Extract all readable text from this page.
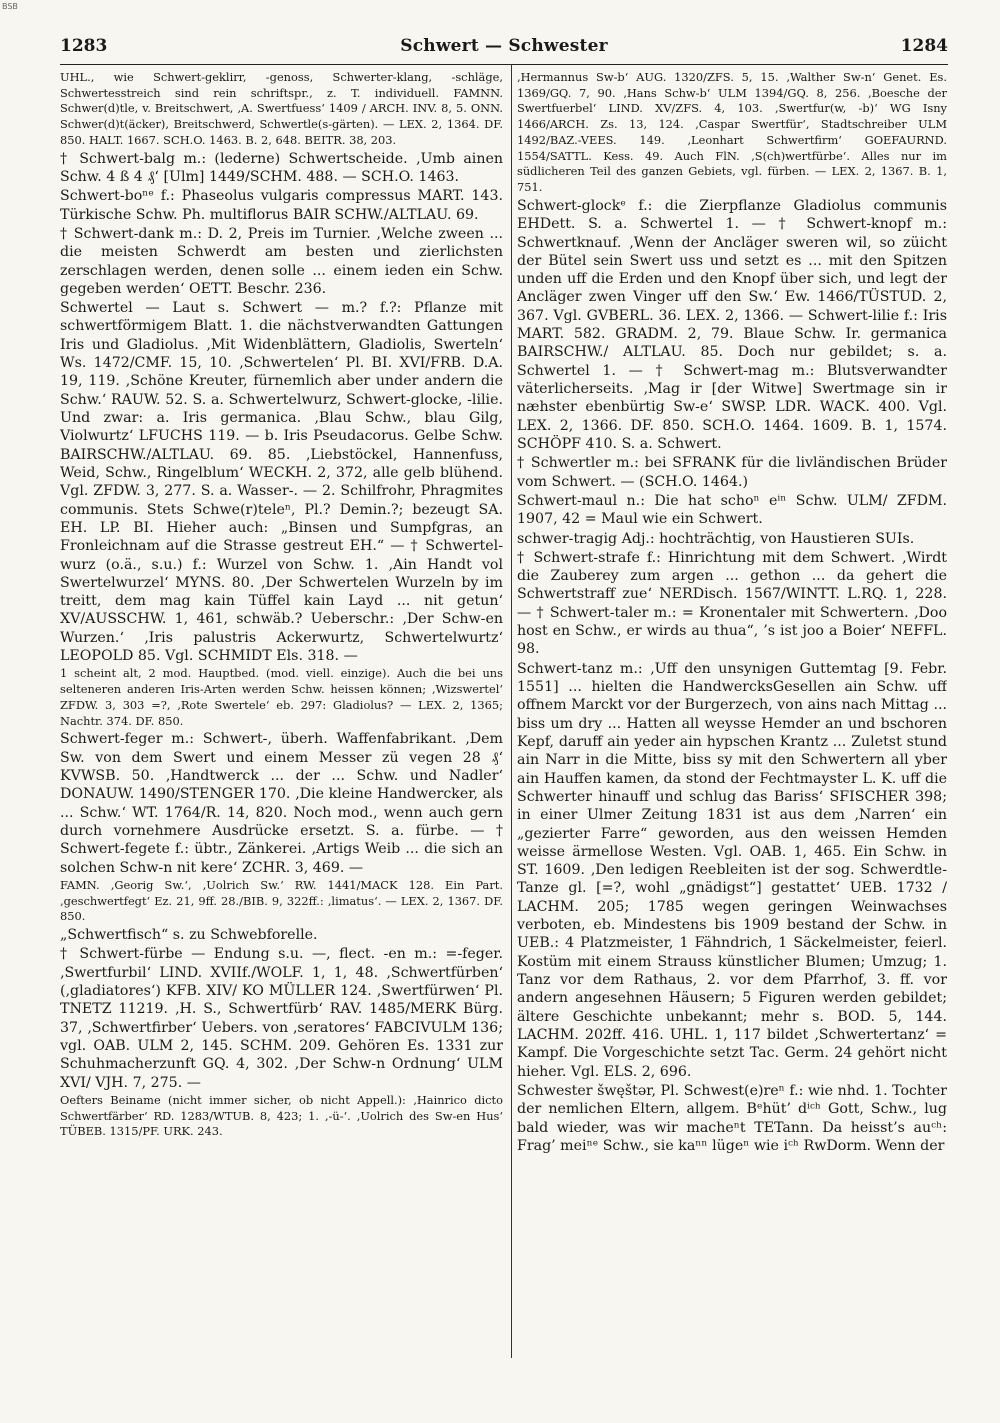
BSB
1283	Schwert — Schwester	1284

UHL., wie Schwert-geklirr, -genoss, Schwerter-klang, -schläge, Schwertesstreich sind rein schriftspr., z. T. individuell. FAMNN. Schwer(d)tle, v. Breitschwert, ‚A. Swertfuess‘ 1409 / ARCH. INV. 8, 5. ONN. Schwer(d)t(äcker), Breitschwerd, Schwertle(s-gärten). — LEX. 2, 1364. DF. 850. HALT. 1667. SCH.O. 1463. B. 2, 648. BEITR. 38, 203.

† Schwert-balg m.: (lederne) Schwertscheide. ‚Umb ainen Schw. 4 ß 4 ₰‘ [Ulm] 1449/SCHM. 488. — SCH.O. 1463.

Schwert-boⁿᵉ f.: Phaseolus vulgaris compressus MART. 143. Türkische Schw. Ph. multiflorus BAIR SCHW./ALTLAU. 69.

† Schwert-dank m.: D. 2, Preis im Turnier. ‚Welche zween ... die meisten Schwerdt am besten und zierlichsten zerschlagen werden, denen solle ... einem ieden ein Schw. gegeben werden‘ OETT. Beschr. 236.

Schwertel — Laut s. Schwert — m.? f.?: Pflanze mit schwertförmigem Blatt. 1. die nächstverwandten Gattungen Iris und Gladiolus. ‚Mit Widenblättern, Gladiolis, Swerteln‘ Ws. 1472/CMF. 15, 10. ‚Schwertelen‘ Pl. BI. XVI/FRB. D.A. 19, 119. ‚Schöne Kreuter, fürnemlich aber under andern die Schw.‘ RAUW. 52. S. a. Schwertelwurz, Schwert-glocke, -lilie. Und zwar: a. Iris germanica. ‚Blau Schw., blau Gilg, Violwurtz‘ LFUCHS 119. — b. Iris Pseudacorus. Gelbe Schw. BAIRSCHW./ALTLAU. 69. 85. ‚Liebstöckel, Hannenfuss, Weid, Schw., Ringelblum‘ WECKH. 2, 372, alle gelb blühend. Vgl. ZFDW. 3, 277. S. a. Wasser-. — 2. Schilfrohr, Phragmites communis. Stets Schwe(r)teleⁿ, Pl.? Demin.?; bezeugt SA. EH. LP. BI. Hieher auch: „Binsen und Sumpfgras, an Fronleichnam auf die Strasse gestreut EH.“ — † Schwertel-wurz (o.ä., s.u.) f.: Wurzel von Schw. 1. ‚Ain Handt vol Swertelwurzel‘ MYNS. 80. ‚Der Schwertelen Wurzeln by im treitt, dem mag kain Tüffel kain Layd ... nit getun‘ XV/AUSSCHW. 1, 461, schwäb.? Ueberschr.: ‚Der Schw-en Wurzen.‘ ‚Iris palustris Ackerwurtz, Schwertelwurtz‘ LEOPOLD 85. Vgl. SCHMIDT Els. 318. —

1 scheint alt, 2 mod. Hauptbed. (mod. viell. einzige). Auch die bei uns selteneren anderen Iris-Arten werden Schw. heissen können; ‚Wizswertel‘ ZFDW. 3, 303 =?, ‚Rote Swertele‘ eb. 297: Gladiolus? — LEX. 2, 1365; Nachtr. 374. DF. 850.

Schwert-feger m.: Schwert-, überh. Waffenfabrikant. ‚Dem Sw. von dem Swert und einem Messer zü vegen 28 ₰‘ KVWSB. 50. ‚Handtwerck ... der ... Schw. und Nadler‘ DONAUW. 1490/STENGER 170. ‚Die kleine Handwercker, als ... Schw.‘ WT. 1764/R. 14, 820. Noch mod., wenn auch gern durch vornehmere Ausdrücke ersetzt. S. a. fürbe. — † Schwert-fegete f.: übtr., Zänkerei. ‚Artigs Weib ... die sich an solchen Schw-n nit kere‘ ZCHR. 3, 469. —

FAMN. ‚Georig Sw.‘, ‚Uolrich Sw.‘ RW. 1441/MACK 128. Ein Part. ‚geschwertfegt‘ Ez. 21, 9ff. 28./BIB. 9, 322ff.: ‚limatus‘. — LEX. 2, 1367. DF. 850.

„Schwertfisch“ s. zu Schwebforelle.

† Schwert-fürbe — Endung s.u. —, flect. -en m.: =-feger. ‚Swertfurbil‘ LIND. XVIIf./WOLF. 1, 1, 48. ‚Schwertfürben‘ (‚gladiatores‘) KFB. XIV/ KO MÜLLER 124. ‚Swertfürwen‘ Pl. TNETZ 11219. ‚H. S., Schwertfürb‘ RAV. 1485/MERK Bürg. 37, ‚Schwertfirber‘ Uebers. von ‚seratores‘ FABCIVULM 136; vgl. OAB. ULM 2, 145. SCHM. 209. Gehören Es. 1331 zur Schuhmacherzunft GQ. 4, 302. ‚Der Schw-n Ordnung‘ ULM XVI/ VJH. 7, 275. —

Oefters Beiname (nicht immer sicher, ob nicht Appell.): ‚Hainrico dicto Schwertfärber‘ RD. 1283/WTUB. 8, 423; 1. ‚-ü-‘. ‚Uolrich des Sw-en Hus‘ TÜBEB. 1315/PF. URK. 243.

‚Hermannus Sw-b‘ AUG. 1320/ZFS. 5, 15. ‚Walther Sw-n‘ Genet. Es. 1369/GQ. 7, 90. ‚Hans Schw-b‘ ULM 1394/GQ. 8, 256. ‚Boesche der Swertfuerbel‘ LIND. XV/ZFS. 4, 103. ‚Swertfur(w, -b)‘ WG Isny 1466/ARCH. Zs. 13, 124. ‚Caspar Swertfür‘, Stadtschreiber ULM 1492/BAZ.-VEES. 149. ‚Leonhart Schwertfirm‘ GOEFAURND. 1554/SATTL. Kess. 49. Auch FlN. ‚S(ch)wertfürbe‘. Alles nur im südlicheren Teil des ganzen Gebiets, vgl. fürben. — LEX. 2, 1367. B. 1, 751.

Schwert-glockᵉ f.: die Zierpflanze Gladiolus communis EHDett. S. a. Schwertel 1. — † Schwert-knopf m.: Schwertknauf. ‚Wenn der Ancläger sweren wil, so züicht der Bütel sein Swert uss und setzt es ... mit den Spitzen unden uff die Erden und den Knopf über sich, und legt der Ancläger zwen Vinger uff den Sw.‘ Ew. 1466/TÜSTUD. 2, 367. Vgl. GVBERL. 36. LEX. 2, 1366. — Schwert-lilie f.: Iris MART. 582. GRADM. 2, 79. Blaue Schw. Ir. germanica BAIRSCHW./ ALTLAU. 85. Doch nur gebildet; s. a. Schwertel 1. — † Schwert-mag m.: Blutsverwandter väterlicherseits. ‚Mag ir [der Witwe] Swertmage sin ir næhster ebenbürtig Sw-e‘ SWSP. LDR. WACK. 400. Vgl. LEX. 2, 1366. DF. 850. SCH.O. 1464. 1609. B. 1, 1574. SCHÖPF 410. S. a. Schwert.

† Schwertler m.: bei SFRANK für die livländischen Brüder vom Schwert. — (SCH.O. 1464.)

Schwert-maul n.: Die hat schoⁿ eⁱⁿ Schw. ULM/ ZFDM. 1907, 42 = Maul wie ein Schwert.

schwer-tragig Adj.: hochträchtig, von Haustieren SUIs.

† Schwert-strafe f.: Hinrichtung mit dem Schwert. ‚Wirdt die Zauberey zum argen ... gethon ... da gehert die Schwertstraff zue‘ NERDisch. 1567/WINTT. L.RQ. 1, 228. — † Schwert-taler m.: = Kronentaler mit Schwertern. ‚Doo host en Schw., er wirds au thua“, ’s ist joo a Boier‘ NEFFL. 98.

Schwert-tanz m.: ‚Uff den unsynigen Guttemtag [9. Febr. 1551] ... hielten die HandwercksGesellen ain Schw. uff offnem Marckt vor der Burgerzech, von ains nach Mittag ... biss um dry ... Hatten all weysse Hemder an und bschoren Kepf, daruff ain yeder ain hypschen Krantz ... Zuletst stund ain Narr in die Mitte, biss sy mit den Schwertern all yber ain Hauffen kamen, da stond der Fechtmayster L. K. uff die Schwerter hinauff und schlug das Bariss‘ SFISCHER 398; in einer Ulmer Zeitung 1831 ist aus dem ‚Narren‘ ein „gezierter Farre“ geworden, aus den weissen Hemden weisse ärmellose Westen. Vgl. OAB. 1, 465. Ein Schw. in ST. 1609. ‚Den ledigen Reebleiten ist der sog. Schwerdtle-Tanze gl. [=?, wohl „gnädigst“] gestattet‘ UEB. 1732 / LACHM. 205; 1785 wegen geringen Weinwachses verboten, eb. Mindestens bis 1909 bestand der Schw. in UEB.: 4 Platzmeister, 1 Fähndrich, 1 Säckelmeister, feierl. Kostüm mit einem Strauss künstlicher Blumen; Umzug; 1. Tanz vor dem Rathaus, 2. vor dem Pfarrhof, 3. ff. vor andern angesehnen Häusern; 5 Figuren werden gebildet; ältere Geschichte unbekannt; mehr s. BOD. 5, 144. LACHM. 202ff. 416. UHL. 1, 117 bildet ‚Schwertertanz‘ = Kampf. Die Vorgeschichte setzt Tac. Germ. 24 gehört nicht hieher. Vgl. ELS. 2, 696.

Schwester šwęštər, Pl. Schwest(e)reⁿ f.: wie nhd. 1. Tochter der nemlichen Eltern, allgem. Bᵉhüt’ dⁱᶜʰ Gott, Schw., lug bald wieder, was wir macheⁿt TETann. Da heisst’s auᶜʰ: Frag’ meiⁿᵉ Schw., sie kaⁿⁿ lügeⁿ wie iᶜʰ RwDorm. Wenn der
